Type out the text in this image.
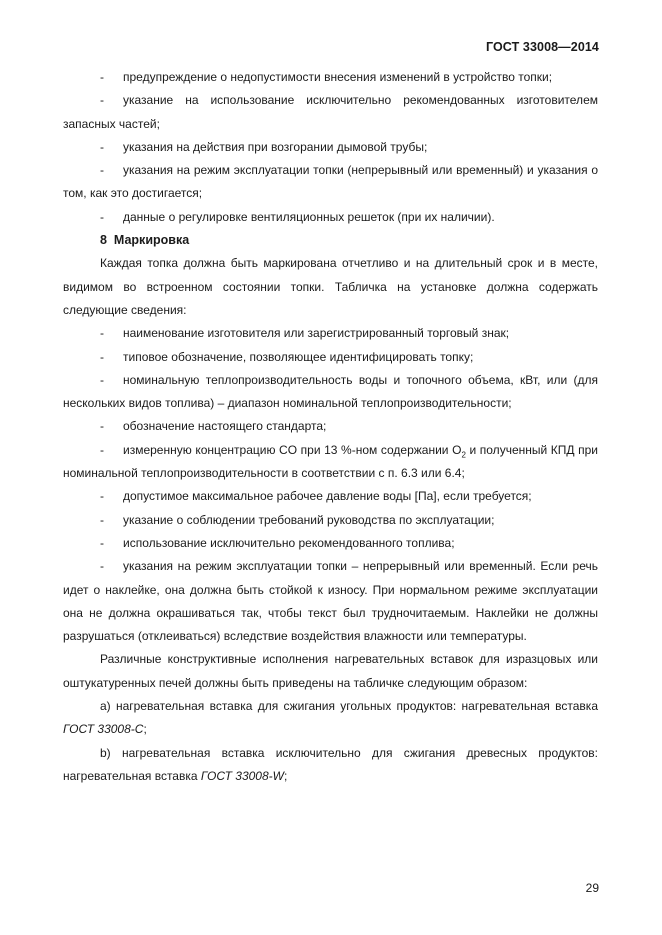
ГОСТ 33008—2014

- предупреждение о недопустимости внесения изменений в устройство топки;

- указание на использование исключительно рекомендованных изготовителем запасных частей;

- указания на действия при возгорании дымовой трубы;

- указания на режим эксплуатации топки (непрерывный или временный) и указания о том, как это достигается;

- данные о регулировке вентиляционных решеток (при их наличии).

8 Маркировка

Каждая топка должна быть маркирована отчетливо и на длительный срок и в месте, видимом во встроенном состоянии топки. Табличка на установке должна содержать следующие сведения:

- наименование изготовителя или зарегистрированный торговый знак;

- типовое обозначение, позволяющее идентифицировать топку;

- номинальную теплопроизводительность воды и топочного объема, кВт, или (для нескольких видов топлива) – диапазон номинальной теплопроизводительности;

- обозначение настоящего стандарта;

- измеренную концентрацию CO при 13 %-ном содержании $O_2$ и полученный КПД при номинальной теплопроизводительности в соответствии с п. 6.3 или 6.4;

- допустимое максимальное рабочее давление воды [Па], если требуется;

- указание о соблюдении требований руководства по эксплуатации;

- использование исключительно рекомендованного топлива;

- указания на режим эксплуатации топки – непрерывный или временный. Если речь идет о наклейке, она должна быть стойкой к износу. При нормальном режиме эксплуатации она не должна окрашиваться так, чтобы текст был трудночитаемым. Наклейки не должны разрушаться (отклеиваться) вследствие воздействия влажности или температуры.

Различные конструктивные исполнения нагревательных вставок для изразцовых или оштукатуренных печей должны быть приведены на табличке следующим образом:

a) нагревательная вставка для сжигания угольных продуктов: нагревательная вставка ГОСТ 33008-С;

b) нагревательная вставка исключительно для сжигания древесных продуктов: нагревательная вставка ГОСТ 33008-W;

29
